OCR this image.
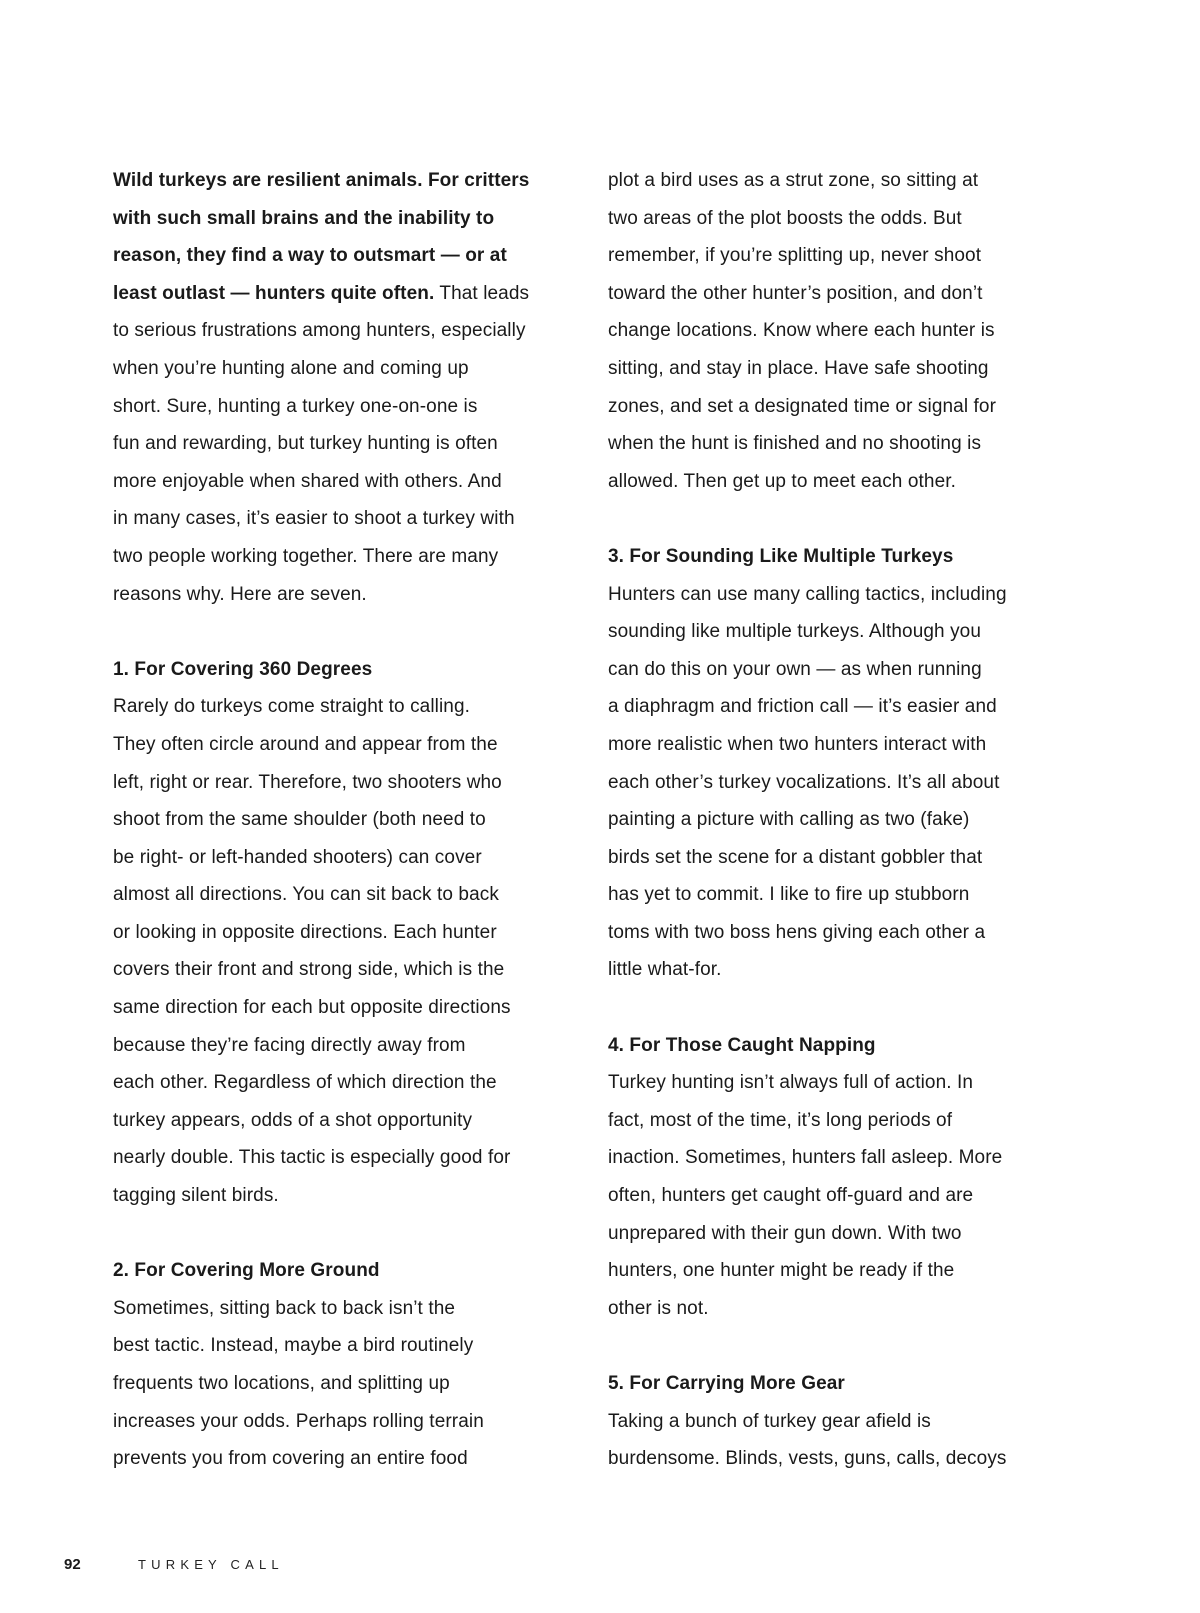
Wild turkeys are resilient animals. For critters
with such small brains and the inability to
reason, they find a way to outsmart — or at
least outlast — hunters quite often. That leads
to serious frustrations among hunters, especially
when you’re hunting alone and coming up
short. Sure, hunting a turkey one-on-one is
fun and rewarding, but turkey hunting is often
more enjoyable when shared with others. And
in many cases, it’s easier to shoot a turkey with
two people working together. There are many
reasons why. Here are seven.
1. For Covering 360 Degrees
Rarely do turkeys come straight to calling.
They often circle around and appear from the
left, right or rear. Therefore, two shooters who
shoot from the same shoulder (both need to
be right- or left-handed shooters) can cover
almost all directions. You can sit back to back
or looking in opposite directions. Each hunter
covers their front and strong side, which is the
same direction for each but opposite directions
because they’re facing directly away from
each other. Regardless of which direction the
turkey appears, odds of a shot opportunity
nearly double. This tactic is especially good for
tagging silent birds.
2. For Covering More Ground
Sometimes, sitting back to back isn’t the
best tactic. Instead, maybe a bird routinely
frequents two locations, and splitting up
increases your odds. Perhaps rolling terrain
prevents you from covering an entire food
plot a bird uses as a strut zone, so sitting at
two areas of the plot boosts the odds. But
remember, if you’re splitting up, never shoot
toward the other hunter’s position, and don’t
change locations. Know where each hunter is
sitting, and stay in place. Have safe shooting
zones, and set a designated time or signal for
when the hunt is finished and no shooting is
allowed. Then get up to meet each other.
3. For Sounding Like Multiple Turkeys
Hunters can use many calling tactics, including
sounding like multiple turkeys. Although you
can do this on your own — as when running
a diaphragm and friction call — it’s easier and
more realistic when two hunters interact with
each other’s turkey vocalizations. It’s all about
painting a picture with calling as two (fake)
birds set the scene for a distant gobbler that
has yet to commit. I like to fire up stubborn
toms with two boss hens giving each other a
little what-for.
4. For Those Caught Napping
Turkey hunting isn’t always full of action. In
fact, most of the time, it’s long periods of
inaction. Sometimes, hunters fall asleep. More
often, hunters get caught off-guard and are
unprepared with their gun down. With two
hunters, one hunter might be ready if the
other is not.
5. For Carrying More Gear
Taking a bunch of turkey gear afield is
burdensome. Blinds, vests, guns, calls, decoys
92	TURKEY CALL
